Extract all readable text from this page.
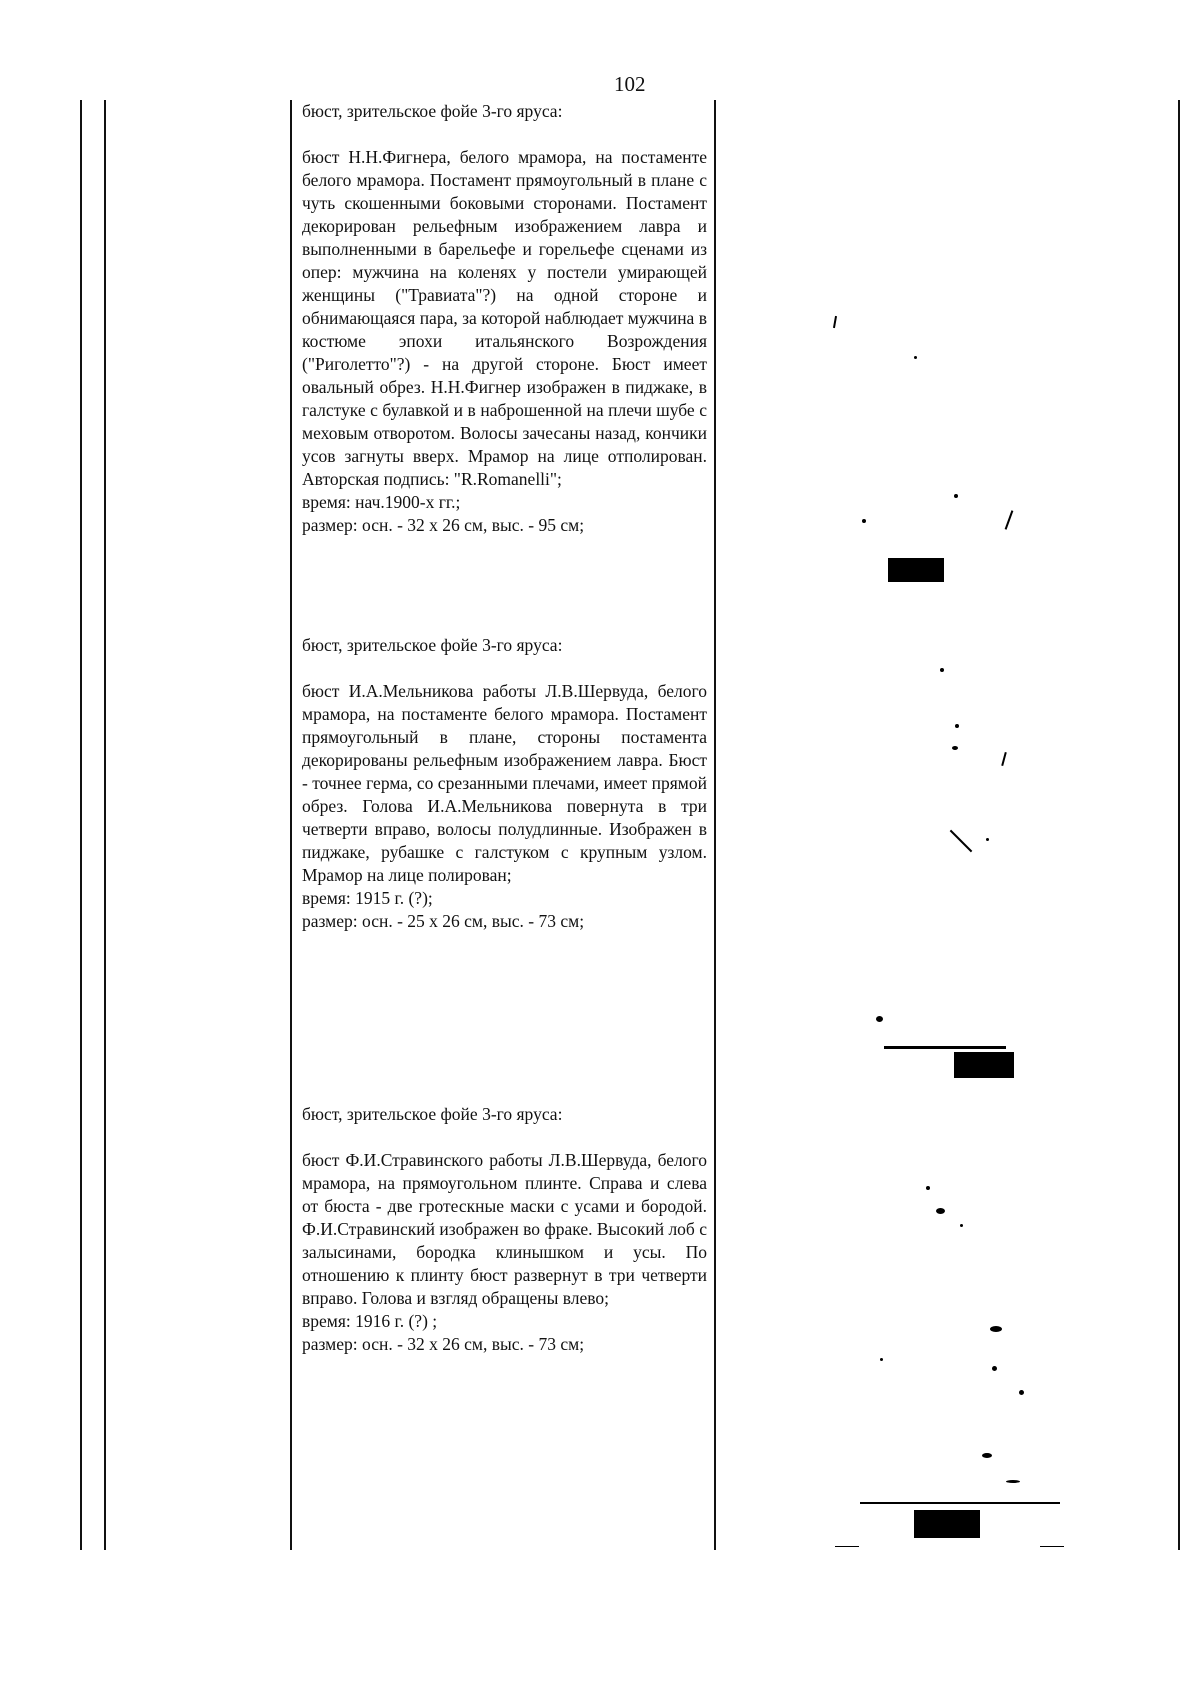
102

бюст, зрительское фойе 3-го яруса:

бюст Н.Н.Фигнера, белого мрамора, на постаменте белого мрамора. Постамент прямоугольный в плане с чуть скошенными боковыми сторонами. Постамент декорирован рельефным изображением лавра и выполненными в барельефе и горельефе сценами из опер: мужчина на коленях у постели умирающей женщины ("Травиата"?) на одной стороне и обнимающаяся пара, за которой наблюдает мужчина в костюме эпохи итальянского Возрождения ("Риголетто"?) - на другой стороне. Бюст имеет овальный обрез. Н.Н.Фигнер изображен в пиджаке, в галстуке с булавкой и в наброшенной на плечи шубе с меховым отворотом. Волосы зачесаны назад, кончики усов загнуты вверх. Мрамор на лице отполирован. Авторская подпись: "R.Romanelli";

время: нач.1900-х гг.;

размер: осн. - 32 х 26 см, выс. - 95 см;

бюст, зрительское фойе 3-го яруса:

бюст И.А.Мельникова работы Л.В.Шервуда, белого мрамора, на постаменте белого мрамора. Постамент прямоугольный в плане, стороны постамента декорированы рельефным изображением лавра. Бюст - точнее герма, со срезанными плечами, имеет прямой обрез. Голова И.А.Мельникова повернута в три четверти вправо, волосы полудлинные. Изображен в пиджаке, рубашке с галстуком с крупным узлом. Мрамор на лице полирован;

время: 1915 г. (?);

размер: осн. - 25 х 26 см, выс. - 73 см;

бюст, зрительское фойе 3-го яруса:

бюст Ф.И.Стравинского работы Л.В.Шервуда, белого мрамора, на прямоугольном плинте. Справа и слева от бюста - две гротескные маски с усами и бородой. Ф.И.Стравинский изображен во фраке. Высокий лоб с залысинами, бородка клинышком и усы. По отношению к плинту бюст развернут в три четверти вправо. Голова и взгляд обращены влево;

время: 1916 г. (?) ;

размер: осн. - 32 х 26 см, выс. - 73 см;
